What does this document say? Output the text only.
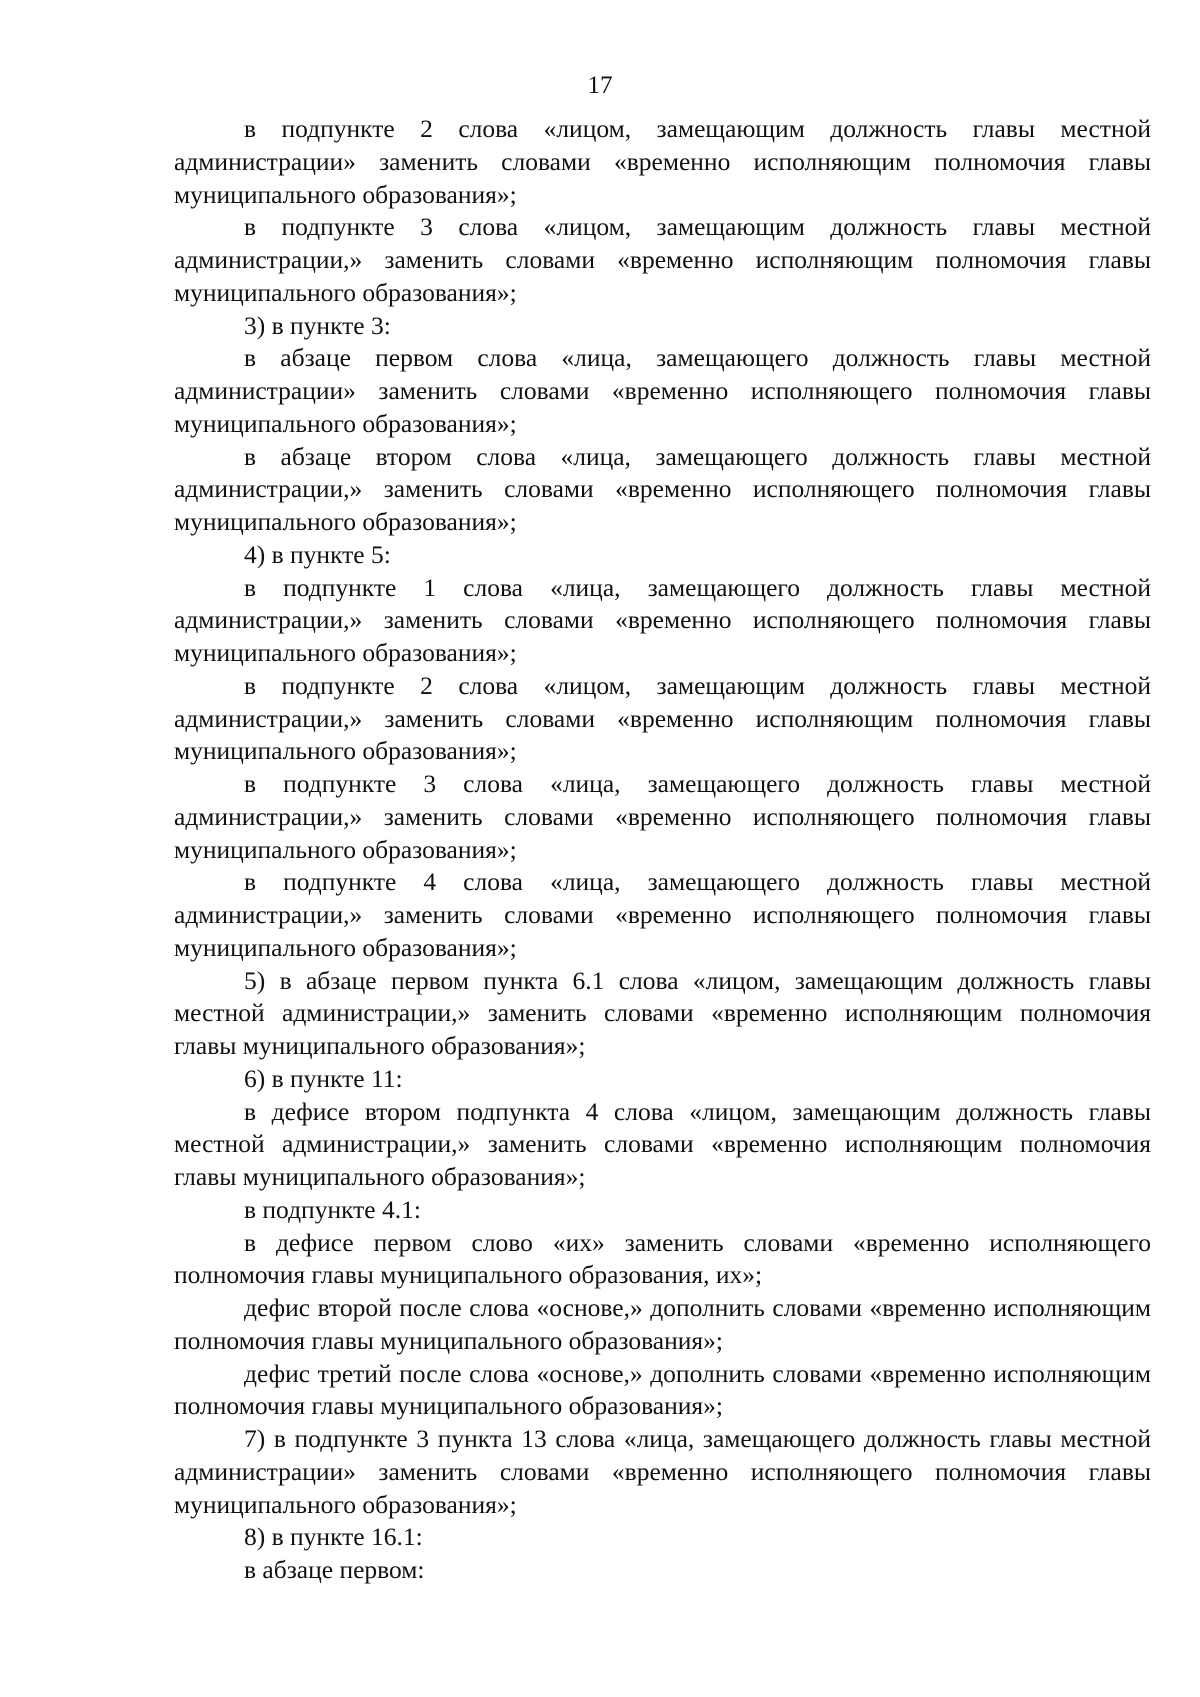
17

в подпункте 2 слова «лицом, замещающим должность главы местной администрации» заменить словами «временно исполняющим полномочия главы муниципального образования»;

в подпункте 3 слова «лицом, замещающим должность главы местной администрации,» заменить словами «временно исполняющим полномочия главы муниципального образования»;

3) в пункте 3:

в абзаце первом слова «лица, замещающего должность главы местной администрации» заменить словами «временно исполняющего полномочия главы муниципального образования»;

в абзаце втором слова «лица, замещающего должность главы местной администрации,» заменить словами «временно исполняющего полномочия главы муниципального образования»;

4) в пункте 5:

в подпункте 1 слова «лица, замещающего должность главы местной администрации,» заменить словами «временно исполняющего полномочия главы муниципального образования»;

в подпункте 2 слова «лицом, замещающим должность главы местной администрации,» заменить словами «временно исполняющим полномочия главы муниципального образования»;

в подпункте 3 слова «лица, замещающего должность главы местной администрации,» заменить словами «временно исполняющего полномочия главы муниципального образования»;

в подпункте 4 слова «лица, замещающего должность главы местной администрации,» заменить словами «временно исполняющего полномочия главы муниципального образования»;

5) в абзаце первом пункта 6.1 слова «лицом, замещающим должность главы местной администрации,» заменить словами «временно исполняющим полномочия главы муниципального образования»;

6) в пункте 11:

в дефисе втором подпункта 4 слова «лицом, замещающим должность главы местной администрации,» заменить словами «временно исполняющим полномочия главы муниципального образования»;

в подпункте 4.1:

в дефисе первом слово «их» заменить словами «временно исполняющего полномочия главы муниципального образования, их»;

дефис второй после слова «основе,» дополнить словами «временно исполняющим полномочия главы муниципального образования»;

дефис третий после слова «основе,» дополнить словами «временно исполняющим полномочия главы муниципального образования»;

7) в подпункте 3 пункта 13 слова «лица, замещающего должность главы местной администрации» заменить словами «временно исполняющего полномочия главы муниципального образования»;

8) в пункте 16.1:

в абзаце первом:
